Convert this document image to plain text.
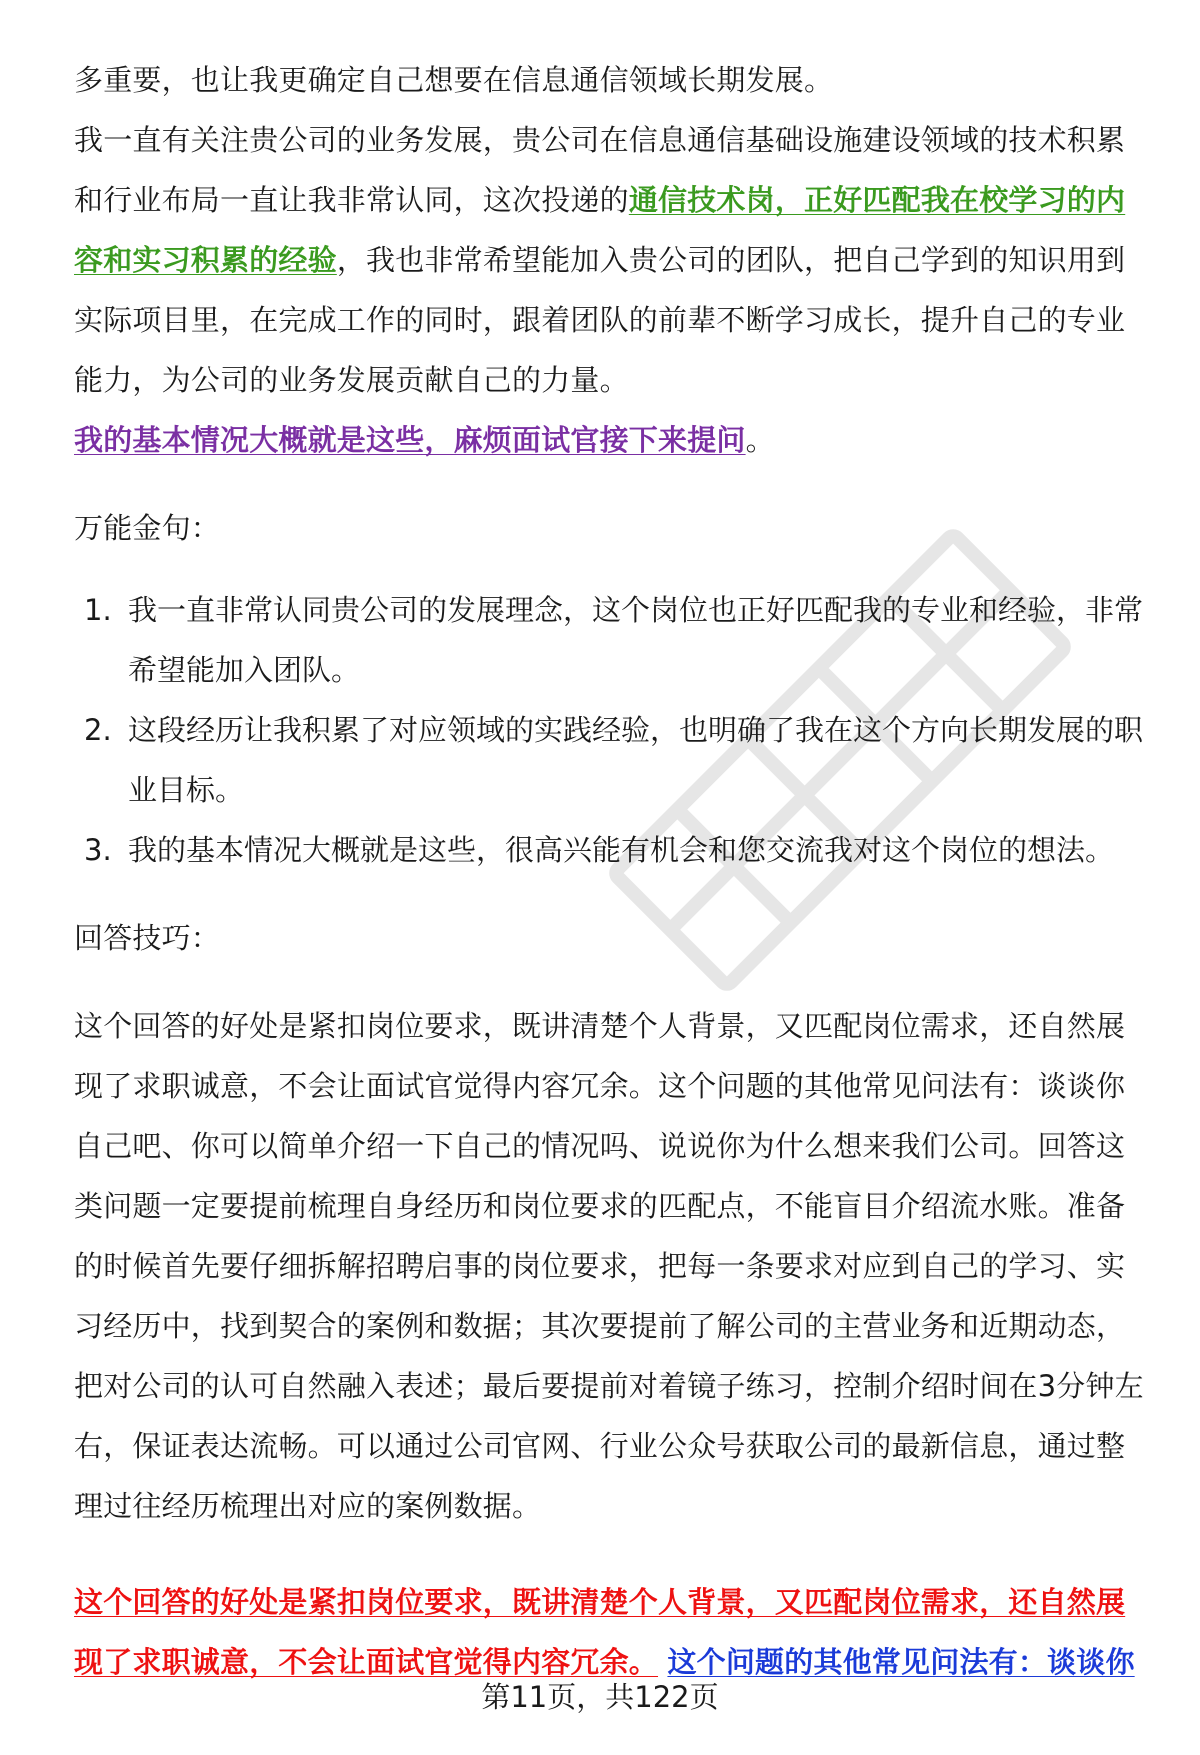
多重要，也让我更确定自己想要在信息通信领域长期发展。

我一直有关注贵公司的业务发展，贵公司在信息通信基础设施建设领域的技术积累和行业布局一直让我非常认同，这次投递的通信技术岗，正好匹配我在校学习的内容和实习积累的经验，我也非常希望能加入贵公司的团队，把自己学到的知识用到实际项目里，在完成工作的同时，跟着团队的前辈不断学习成长，提升自己的专业能力，为公司的业务发展贡献自己的力量。

我的基本情况大概就是这些，麻烦面试官接下来提问。

万能金句：

1. 我一直非常认同贵公司的发展理念，这个岗位也正好匹配我的专业和经验，非常希望能加入团队。
2. 这段经历让我积累了对应领域的实践经验，也明确了我在这个方向长期发展的职业目标。
3. 我的基本情况大概就是这些，很高兴能有机会和您交流我对这个岗位的想法。

回答技巧：

这个回答的好处是紧扣岗位要求，既讲清楚个人背景，又匹配岗位需求，还自然展现了求职诚意，不会让面试官觉得内容冗余。这个问题的其他常见问法有：谈谈你自己吧、你可以简单介绍一下自己的情况吗、说说你为什么想来我们公司。回答这类问题一定要提前梳理自身经历和岗位要求的匹配点，不能盲目介绍流水账。准备的时候首先要仔细拆解招聘启事的岗位要求，把每一条要求对应到自己的学习、实习经历中，找到契合的案例和数据；其次要提前了解公司的主营业务和近期动态，把对公司的认可自然融入表述；最后要提前对着镜子练习，控制介绍时间在3分钟左右，保证表达流畅。可以通过公司官网、行业公众号获取公司的最新信息，通过整理过往经历梳理出对应的案例数据。

这个回答的好处是紧扣岗位要求，既讲清楚个人背景，又匹配岗位需求，还自然展现了求职诚意，不会让面试官觉得内容冗余。 这个问题的其他常见问法有：谈谈你

第11页，共122页
